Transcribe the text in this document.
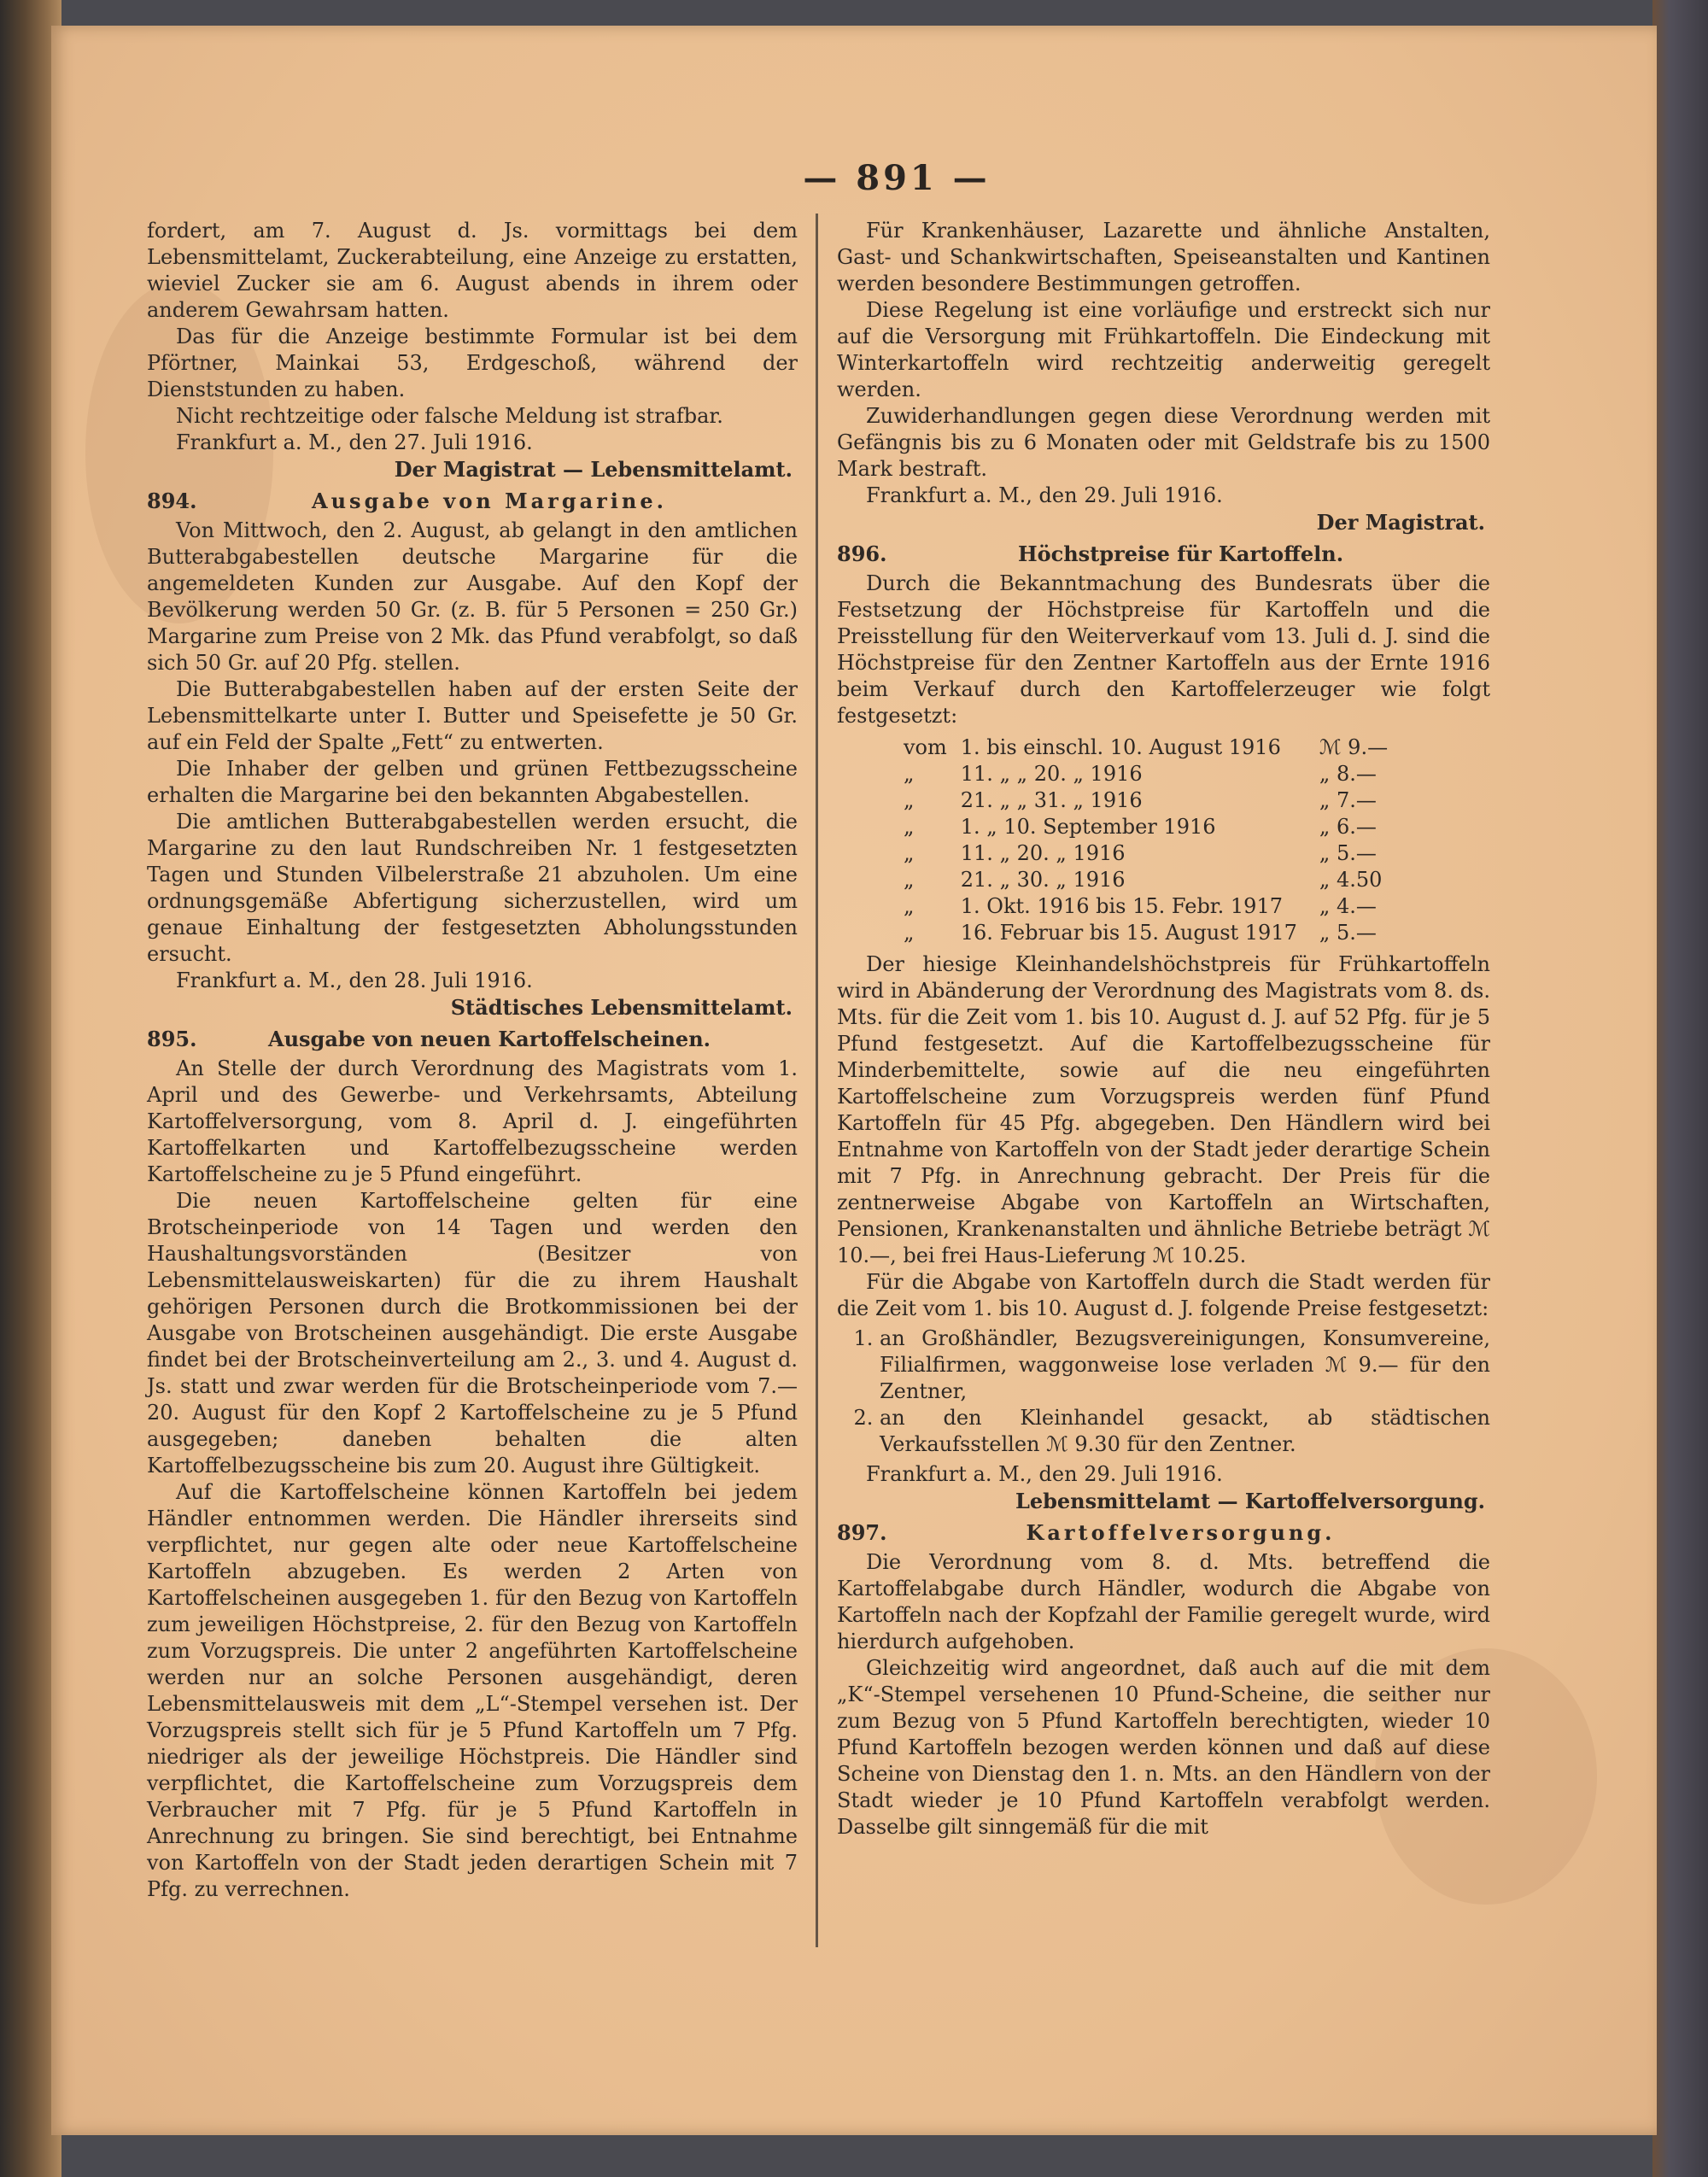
— 891 —

fordert, am 7. August d. Js. vormittags bei dem Lebensmittelamt, Zuckerabteilung, eine Anzeige zu erstatten, wieviel Zucker sie am 6. August abends in ihrem oder anderem Gewahrsam hatten.

Das für die Anzeige bestimmte Formular ist bei dem Pförtner, Mainkai 53, Erdgeschoß, während der Dienststunden zu haben.

Nicht rechtzeitige oder falsche Meldung ist strafbar.

Frankfurt a. M., den 27. Juli 1916.

Der Magistrat — Lebensmittelamt.
894.	Ausgabe von Margarine.

Von Mittwoch, den 2. August, ab gelangt in den amtlichen Butterabgabestellen deutsche Margarine für die angemeldeten Kunden zur Ausgabe. Auf den Kopf der Bevölkerung werden 50 Gr. (z. B. für 5 Personen = 250 Gr.) Margarine zum Preise von 2 Mk. das Pfund verabfolgt, so daß sich 50 Gr. auf 20 Pfg. stellen.

Die Butterabgabestellen haben auf der ersten Seite der Lebensmittelkarte unter I. Butter und Speisefette je 50 Gr. auf ein Feld der Spalte „Fett“ zu entwerten.

Die Inhaber der gelben und grünen Fettbezugsscheine erhalten die Margarine bei den bekannten Abgabestellen.

Die amtlichen Butterabgabestellen werden ersucht, die Margarine zu den laut Rundschreiben Nr. 1 festgesetzten Tagen und Stunden Vilbelerstraße 21 abzuholen. Um eine ordnungsgemäße Abfertigung sicherzustellen, wird um genaue Einhaltung der festgesetzten Abholungsstunden ersucht.

Frankfurt a. M., den 28. Juli 1916.

Städtisches Lebensmittelamt.
895.	Ausgabe von neuen Kartoffelscheinen.

An Stelle der durch Verordnung des Magistrats vom 1. April und des Gewerbe- und Verkehrsamts, Abteilung Kartoffelversorgung, vom 8. April d. J. eingeführten Kartoffelkarten und Kartoffelbezugsscheine werden Kartoffelscheine zu je 5 Pfund eingeführt.

Die neuen Kartoffelscheine gelten für eine Brotscheinperiode von 14 Tagen und werden den Haushaltungsvorständen (Besitzer von Lebensmittelausweiskarten) für die zu ihrem Haushalt gehörigen Personen durch die Brotkommissionen bei der Ausgabe von Brotscheinen ausgehändigt. Die erste Ausgabe findet bei der Brotscheinverteilung am 2., 3. und 4. August d. Js. statt und zwar werden für die Brotscheinperiode vom 7.—20. August für den Kopf 2 Kartoffelscheine zu je 5 Pfund ausgegeben; daneben behalten die alten Kartoffelbezugsscheine bis zum 20. August ihre Gültigkeit.

Auf die Kartoffelscheine können Kartoffeln bei jedem Händler entnommen werden. Die Händler ihrerseits sind verpflichtet, nur gegen alte oder neue Kartoffelscheine Kartoffeln abzugeben. Es werden 2 Arten von Kartoffelscheinen ausgegeben 1. für den Bezug von Kartoffeln zum jeweiligen Höchstpreise, 2. für den Bezug von Kartoffeln zum Vorzugspreis. Die unter 2 angeführten Kartoffelscheine werden nur an solche Personen ausgehändigt, deren Lebensmittelausweis mit dem „L“-Stempel versehen ist. Der Vorzugspreis stellt sich für je 5 Pfund Kartoffeln um 7 Pfg. niedriger als der jeweilige Höchstpreis. Die Händler sind verpflichtet, die Kartoffelscheine zum Vorzugspreis dem Verbraucher mit 7 Pfg. für je 5 Pfund Kartoffeln in Anrechnung zu bringen. Sie sind berechtigt, bei Entnahme von Kartoffeln von der Stadt jeden derartigen Schein mit 7 Pfg. zu verrechnen.

Für Krankenhäuser, Lazarette und ähnliche Anstalten, Gast- und Schankwirtschaften, Speiseanstalten und Kantinen werden besondere Bestimmungen getroffen.

Diese Regelung ist eine vorläufige und erstreckt sich nur auf die Versorgung mit Frühkartoffeln. Die Eindeckung mit Winterkartoffeln wird rechtzeitig anderweitig geregelt werden.

Zuwiderhandlungen gegen diese Verordnung werden mit Gefängnis bis zu 6 Monaten oder mit Geldstrafe bis zu 1500 Mark bestraft.

Frankfurt a. M., den 29. Juli 1916.

Der Magistrat.
896.	Höchstpreise für Kartoffeln.

Durch die Bekanntmachung des Bundesrats über die Festsetzung der Höchstpreise für Kartoffeln und die Preisstellung für den Weiterverkauf vom 13. Juli d. J. sind die Höchstpreise für den Zentner Kartoffeln aus der Ernte 1916 beim Verkauf durch den Kartoffelerzeuger wie folgt festgesetzt:

vom	1. bis einschl. 10. August 1916	ℳ 9.—
„	11. „ „ 20. „ 1916	„ 8.—
„	21. „ „ 31. „ 1916	„ 7.—
„	1. „ 10. September 1916	„ 6.—
„	11. „ 20. „ 1916	„ 5.—
„	21. „ 30. „ 1916	„ 4.50
„	1. Okt. 1916 bis 15. Febr. 1917	„ 4.—
„	16. Februar bis 15. August 1917	„ 5.—

Der hiesige Kleinhandelshöchstpreis für Frühkartoffeln wird in Abänderung der Verordnung des Magistrats vom 8. ds. Mts. für die Zeit vom 1. bis 10. August d. J. auf 52 Pfg. für je 5 Pfund festgesetzt. Auf die Kartoffelbezugsscheine für Minderbemittelte, sowie auf die neu eingeführten Kartoffelscheine zum Vorzugspreis werden fünf Pfund Kartoffeln für 45 Pfg. abgegeben. Den Händlern wird bei Entnahme von Kartoffeln von der Stadt jeder derartige Schein mit 7 Pfg. in Anrechnung gebracht. Der Preis für die zentnerweise Abgabe von Kartoffeln an Wirtschaften, Pensionen, Krankenanstalten und ähnliche Betriebe beträgt ℳ 10.—, bei frei Haus-Lieferung ℳ 10.25.

Für die Abgabe von Kartoffeln durch die Stadt werden für die Zeit vom 1. bis 10. August d. J. folgende Preise festgesetzt:

1. an Großhändler, Bezugsvereinigungen, Konsumvereine, Filialfirmen, waggonweise lose verladen ℳ 9.— für den Zentner,
2. an den Kleinhandel gesackt, ab städtischen Verkaufsstellen ℳ 9.30 für den Zentner.

Frankfurt a. M., den 29. Juli 1916.

Lebensmittelamt — Kartoffelversorgung.
897.	Kartoffelversorgung.

Die Verordnung vom 8. d. Mts. betreffend die Kartoffelabgabe durch Händler, wodurch die Abgabe von Kartoffeln nach der Kopfzahl der Familie geregelt wurde, wird hierdurch aufgehoben.

Gleichzeitig wird angeordnet, daß auch auf die mit dem „K“-Stempel versehenen 10 Pfund-Scheine, die seither nur zum Bezug von 5 Pfund Kartoffeln berechtigten, wieder 10 Pfund Kartoffeln bezogen werden können und daß auf diese Scheine von Dienstag den 1. n. Mts. an den Händlern von der Stadt wieder je 10 Pfund Kartoffeln verabfolgt werden. Dasselbe gilt sinngemäß für die mit
